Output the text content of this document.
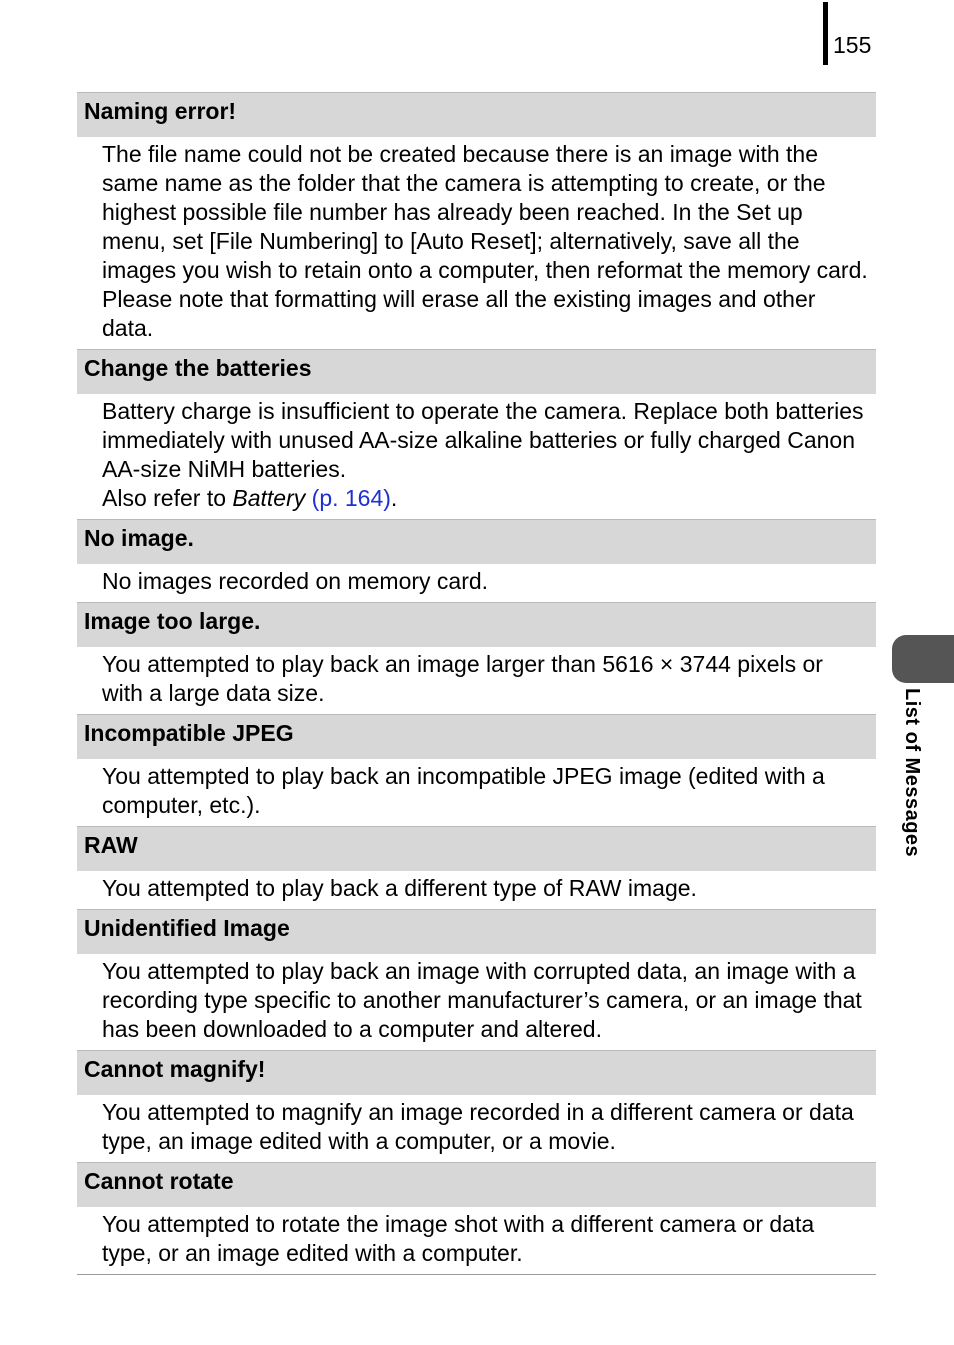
155
List of Messages
Naming error!

The file name could not be created because there is an image with the same name as the folder that the camera is attempting to create, or the highest possible file number has already been reached. In the Set up menu, set [File Numbering] to [Auto Reset]; alternatively, save all the images you wish to retain onto a computer, then reformat the memory card. Please note that formatting will erase all the existing images and other data.

Change the batteries

Battery charge is insufficient to operate the camera. Replace both batteries immediately with unused AA-size alkaline batteries or fully charged Canon AA-size NiMH batteries.

Also refer to Battery (p. 164).

No image.

No images recorded on memory card.

Image too large.

You attempted to play back an image larger than 5616 × 3744 pixels or with a large data size.

Incompatible JPEG

You attempted to play back an incompatible JPEG image (edited with a computer, etc.).

RAW

You attempted to play back a different type of RAW image.

Unidentified Image

You attempted to play back an image with corrupted data, an image with a recording type specific to another manufacturer’s camera, or an image that has been downloaded to a computer and altered.

Cannot magnify!

You attempted to magnify an image recorded in a different camera or data type, an image edited with a computer, or a movie.

Cannot rotate

You attempted to rotate the image shot with a different camera or data type, or an image edited with a computer.
